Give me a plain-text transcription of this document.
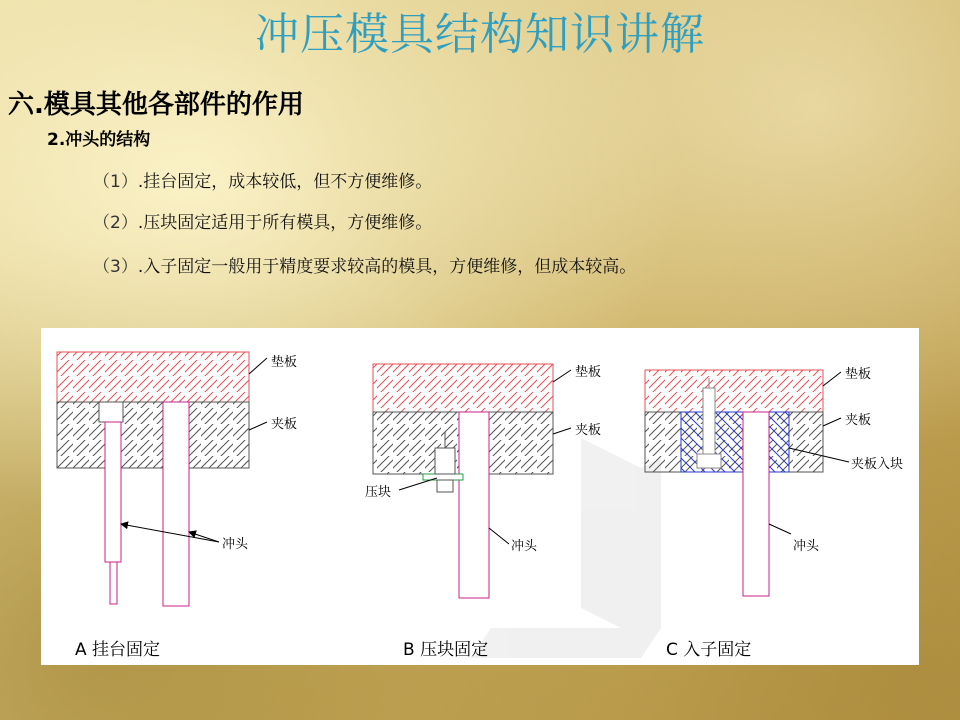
冲压模具结构知识讲解
六.模具其他各部件的作用
2.冲头的结构
（1）.挂台固定，成本较低，但不方便维修。
（2）.压块固定适用于所有模具，方便维修。
（3）.入子固定一般用于精度要求较高的模具，方便维修，但成本较高。
垫板
夹板
冲头
A 挂台固定
垫板
夹板
压块
冲头
B 压块固定
垫板
夹板
夹板入块
冲头
C 入子固定
